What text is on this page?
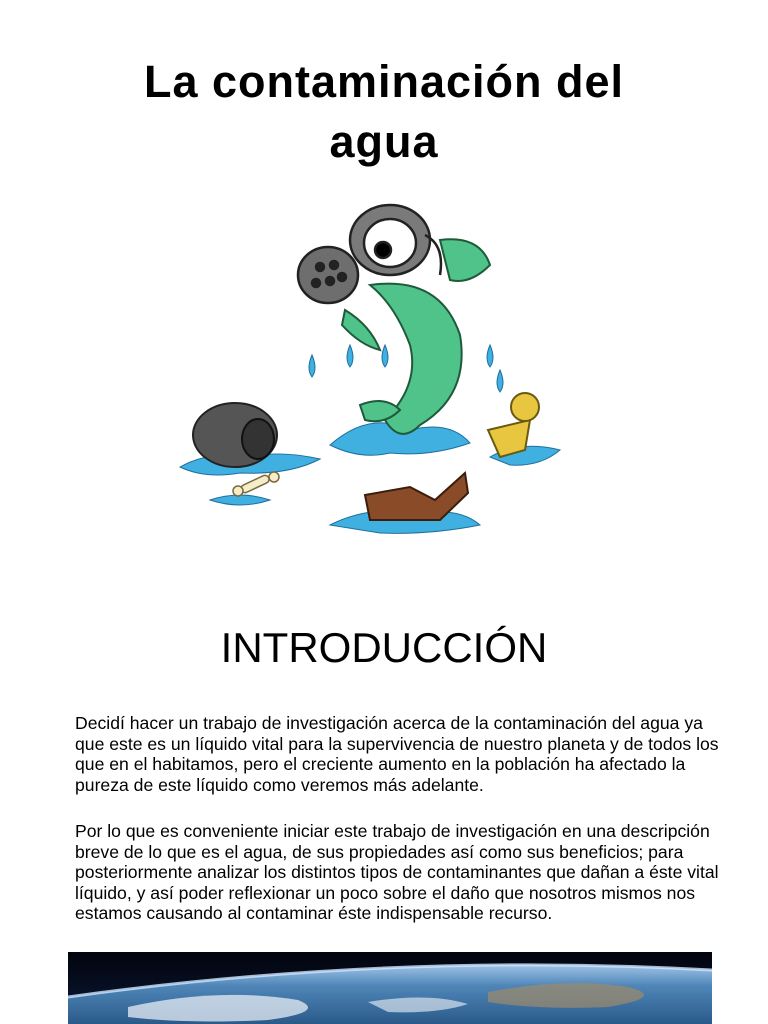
La contaminación del
agua
INTRODUCCIÓN

Decidí hacer un trabajo de investigación acerca de la contaminación del agua ya que este es un líquido vital para la supervivencia de nuestro planeta y de todos los que en el habitamos, pero el creciente aumento en la población ha afectado la pureza de este líquido como veremos más adelante.

Por lo que es conveniente iniciar este trabajo de investigación en una descripción breve de lo que es el agua, de sus propiedades así como sus beneficios; para posteriormente analizar los distintos tipos de contaminantes que dañan a éste vital líquido, y así poder reflexionar un poco sobre el daño que nosotros mismos nos estamos causando al contaminar éste indispensable recurso.
